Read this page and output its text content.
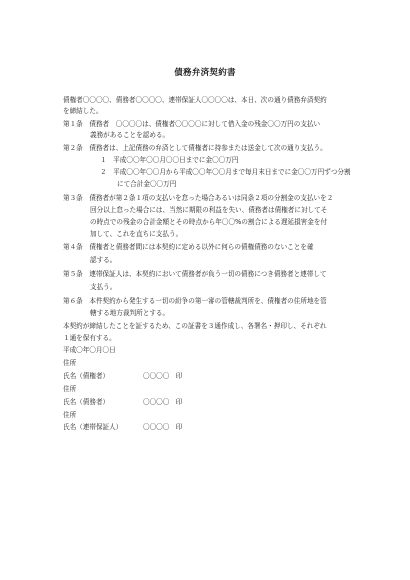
債務弁済契約書
債権者〇〇〇〇、債務者〇〇〇〇、連帯保証人〇〇〇〇は、本日、次の通り債務弁済契約
を締結した。
第１条　債務者　〇〇〇〇は、債権者〇〇〇〇に対して借入金の残金〇〇万円の支払い
義務があることを認める。
第２条　債務者は、上記債務の弁済として債権者に持参または送金して次の通り支払う。
１　平成〇〇年〇〇月〇〇日までに金〇〇万円
２　平成〇〇年〇〇月から平成〇〇年〇〇月まで毎月末日までに金〇〇万円ずつ分割
にて合計金〇〇万円
第３条　債務者が第２条１項の支払いを怠った場合あるいは同条２項の分割金の支払いを２
回分以上怠った場合には、当然に期限の利益を失い、債務者は債権者に対してそ
の時点での残金の合計金額とその時点から年〇〇%の割合による遅延損害金を付
加して、これを直ちに支払う。
第４条　債権者と債務者間には本契約に定める以外に何らの債権債務のないことを確
認する。
第５条　連帯保証人は、本契約において債務者が負う一切の債務につき債務者と連帯して
支払う。
第６条　本件契約から発生する一切の紛争の第一審の管轄裁判所を、債権者の住所地を管
轄する地方裁判所とする。
本契約が締結したことを証するため、この証書を３通作成し、各署名・押印し、それぞれ
１通を保有する。
平成〇年〇月〇日
住所
氏名（債権者）	〇〇〇〇 印
住所
氏名（債務者）	〇〇〇〇 印
住所
氏名（連帯保証人）	〇〇〇〇 印
